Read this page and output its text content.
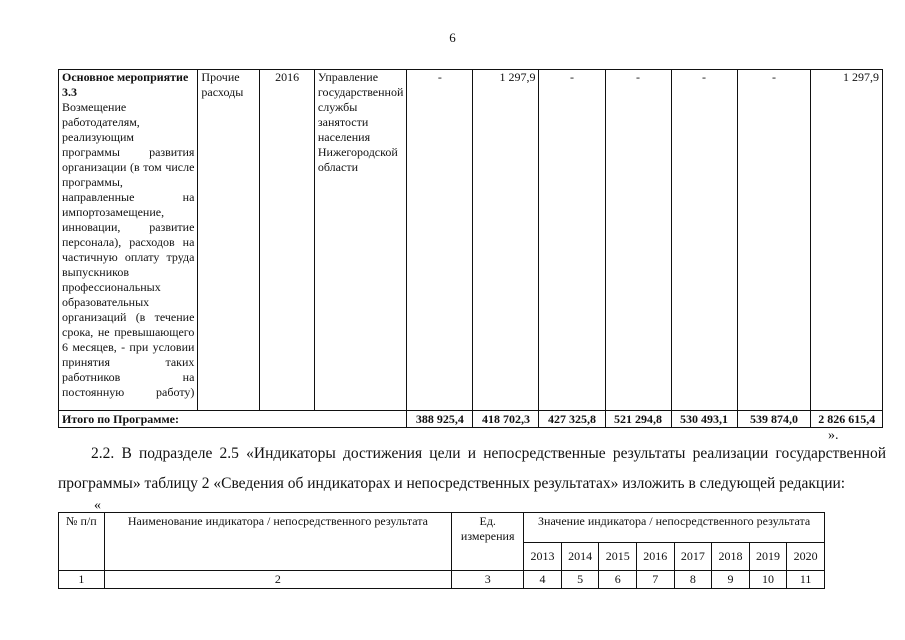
6
Основное мероприятие 3.3
Возмещение работодателям, реализующим программы развития организации (в том числе программы, направленные на импортозамещение, инновации, развитие персонала), расходов на частичную оплату труда выпускников профессиональных образовательных организаций (в течение срока, не превышающего 6 месяцев, - при условии принятия таких работников на постоянную работу)	Прочие расходы	2016	Управление государственной службы занятости населения Нижегородской области	-	1 297,9	-	-	-	-	1 297,9
Итого по Программе:				388 925,4	418 702,3	427 325,8	521 294,8	530 493,1	539 874,0	2 826 615,4
».
2.2. В подразделе 2.5 «Индикаторы достижения цели и непосредственные результаты реализации государственной программы» таблицу 2 «Сведения об индикаторах и непосредственных результатах» изложить в следующей редакции:
«
№ п/п	Наименование индикатора / непосредственного результата	Ед. измерения	Значение индикатора / непосредственного результата							
			2013	2014	2015	2016	2017	2018	2019	2020
1	2	3	4	5	6	7	8	9	10	11
